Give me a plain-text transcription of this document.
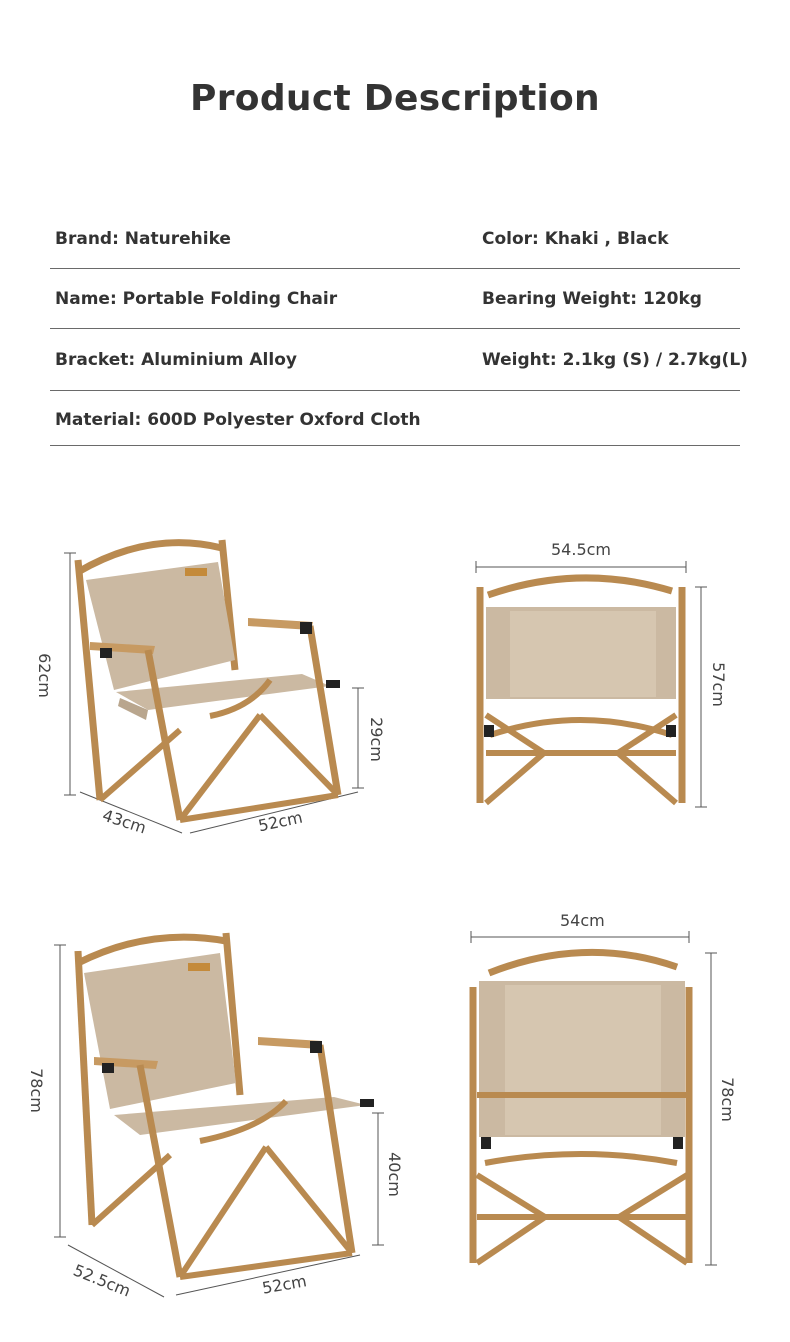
Product Description
Brand: Naturehike	Color: Khaki , Black
Name: Portable Folding Chair	Bearing Weight: 120kg
Bracket: Aluminium Alloy	Weight: 2.1kg (S) / 2.7kg(L)
Material: 600D Polyester Oxford Cloth
62cm
29cm
43cm	52cm
54.5cm
57cm
78cm
40cm
52.5cm	52cm
54cm
78cm
